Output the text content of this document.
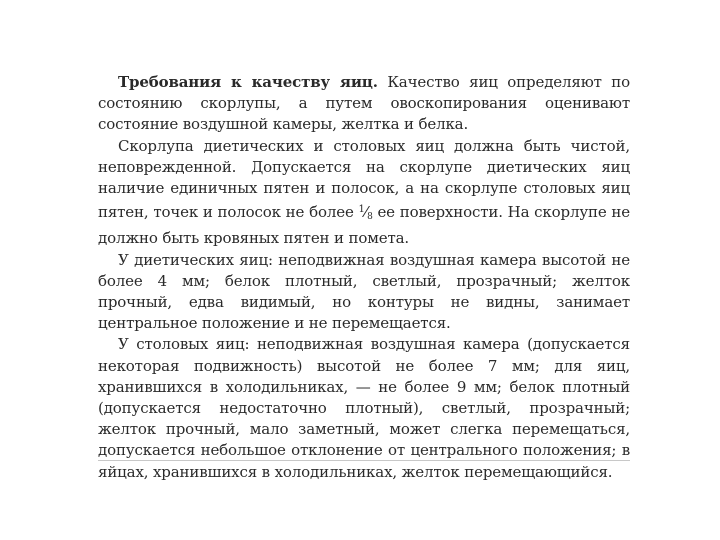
Требования к качеству яиц. Качество яиц определяют по состоянию скорлупы, а путем овоскопирования оценивают состояние воздушной камеры, желтка и белка.

Скорлупа диетических и столовых яиц должна быть чистой, неповрежденной. Допускается на скорлупе диетических яиц наличие единичных пятен и полосок, а на скорлупе столовых яиц пятен, точек и полосок не более $^1⁄_8$ ее поверхности. На скорлупе не должно быть кровяных пятен и помета.

У диетических яиц: неподвижная воздушная камера высотой не более 4 мм; белок плотный, светлый, прозрачный; желток прочный, едва видимый, но контуры не видны, занимает центральное положение и не перемещается.

У столовых яиц: неподвижная воздушная камера (допускается некоторая подвижность) высотой не более 7 мм; для яиц, хранившихся в холодильниках, — не более 9 мм; белок плотный (допускается недостаточно плотный), светлый, прозрачный; желток прочный, мало заметный, может слегка перемещаться, допускается небольшое отклонение от центрального положения; в яйцах, хранившихся в холодильниках, желток перемещающийся.
